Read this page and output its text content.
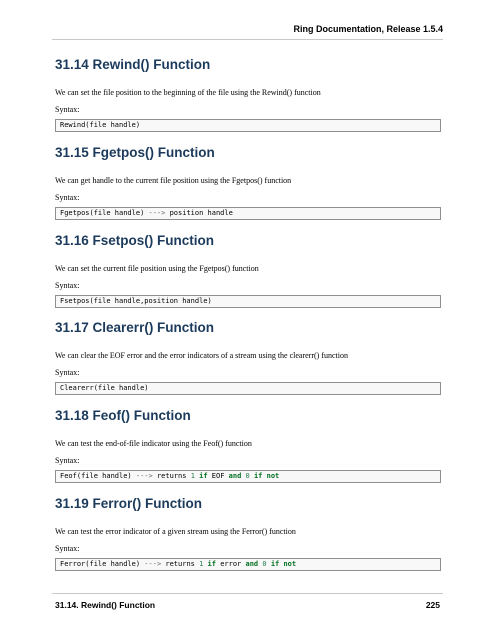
Ring Documentation, Release 1.5.4
31.14 Rewind() Function

We can set the file position to the beginning of the file using the Rewind() function

Syntax:

Rewind(file handle)
31.15 Fgetpos() Function

We can get handle to the current file position using the Fgetpos() function

Syntax:

Fgetpos(file handle) ---> position handle
31.16 Fsetpos() Function

We can set the current file position using the Fgetpos() function

Syntax:

Fsetpos(file handle,position handle)
31.17 Clearerr() Function

We can clear the EOF error and the error indicators of a stream using the clearerr() function

Syntax:

Clearerr(file handle)
31.18 Feof() Function

We can test the end-of-file indicator using the Feof() function

Syntax:

Feof(file handle) ---> returns 1 if EOF and 0 if not
31.19 Ferror() Function

We can test the error indicator of a given stream using the Ferror() function

Syntax:

Ferror(file handle) ---> returns 1 if error and 0 if not
31.14. Rewind() Function	225
